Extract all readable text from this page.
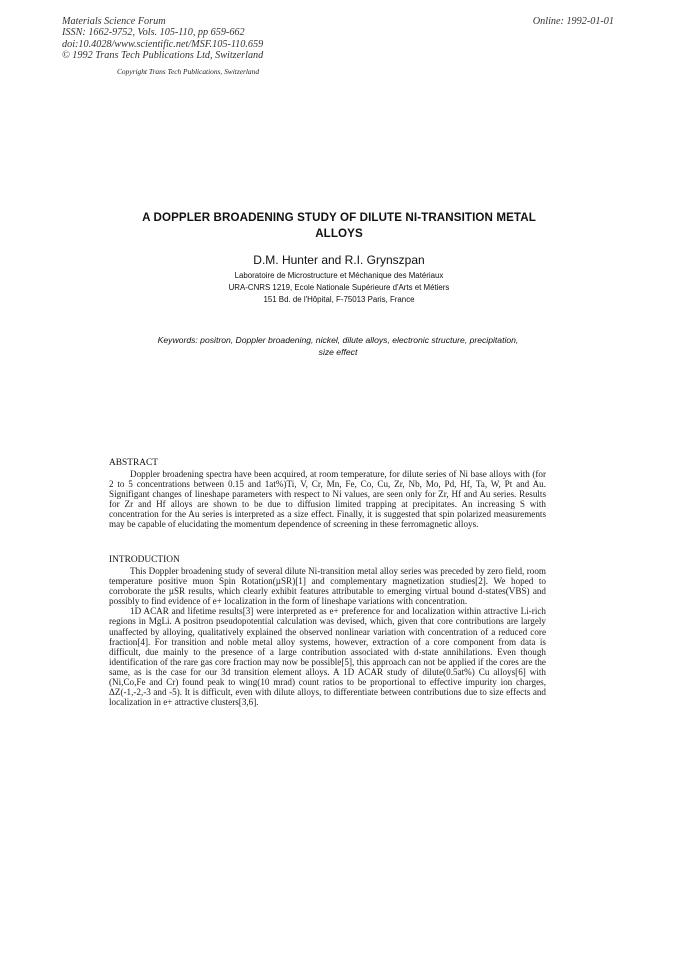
Materials Science Forum
ISSN: 1662-9752, Vols. 105-110, pp 659-662
doi:10.4028/www.scientific.net/MSF.105-110.659
© 1992 Trans Tech Publications Ltd, Switzerland
Online: 1992-01-01
Copyright Trans Tech Publications, Switzerland
A DOPPLER BROADENING STUDY OF DILUTE NI-TRANSITION METAL
ALLOYS
D.M. Hunter and R.I. Grynszpan
Laboratoire de Microstructure et Méchanique des Matériaux
URA-CNRS 1219, Ecole Nationale Supérieure d'Arts et Métiers
151 Bd. de l'Hôpital, F-75013 Paris, France
Keywords: positron, Doppler broadening, nickel, dilute alloys, electronic structure, precipitation,
size effect
ABSTRACT

Doppler broadening spectra have been acquired, at room temperature, for dilute series of Ni base alloys with (for 2 to 5 concentrations between 0.15 and 1at%)Ti, V, Cr, Mn, Fe, Co, Cu, Zr, Nb, Mo, Pd, Hf, Ta, W, Pt and Au. Signifigant changes of lineshape parameters with respect to Ni values, are seen only for Zr, Hf and Au series. Results for Zr and Hf alloys are shown to be due to diffusion limited trapping at precipitates. An increasing S with concentration for the Au series is interpreted as a size effect. Finally, it is suggested that spin polarized measurements may be capable of elucidating the momentum dependence of screening in these ferromagnetic alloys.

INTRODUCTION

This Doppler broadening study of several dilute Ni-transition metal alloy series was preceded by zero field, room temperature positive muon Spin Rotation(µSR)[1] and complementary magnetization studies[2]. We hoped to corroborate the µSR results, which clearly exhibit features attributable to emerging virtual bound d-states(VBS) and possibly to find evidence of e+ localization in the form of lineshape variations with concentration.

1D ACAR and lifetime results[3] were interpreted as e+ preference for and localization within attractive Li-rich regions in MgLi. A positron pseudopotential calculation was devised, which, given that core contributions are largely unaffected by alloying, qualitatively explained the observed nonlinear variation with concentration of a reduced core fraction[4]. For transition and noble metal alloy systems, however, extraction of a core component from data is difficult, due mainly to the presence of a large contribution associated with d-state annihilations. Even though identification of the rare gas core fraction may now be possible[5], this approach can not be applied if the cores are the same, as is the case for our 3d transition element alloys. A 1D ACAR study of dilute(0.5at%) Cu alloys[6] with (Ni,Co,Fe and Cr) found peak to wing(10 mrad) count ratios to be proportional to effective impurity ion charges, ΔZ(-1,-2,-3 and -5). It is difficult, even with dilute alloys, to differentiate between contributions due to size effects and localization in e+ attractive clusters[3,6].
